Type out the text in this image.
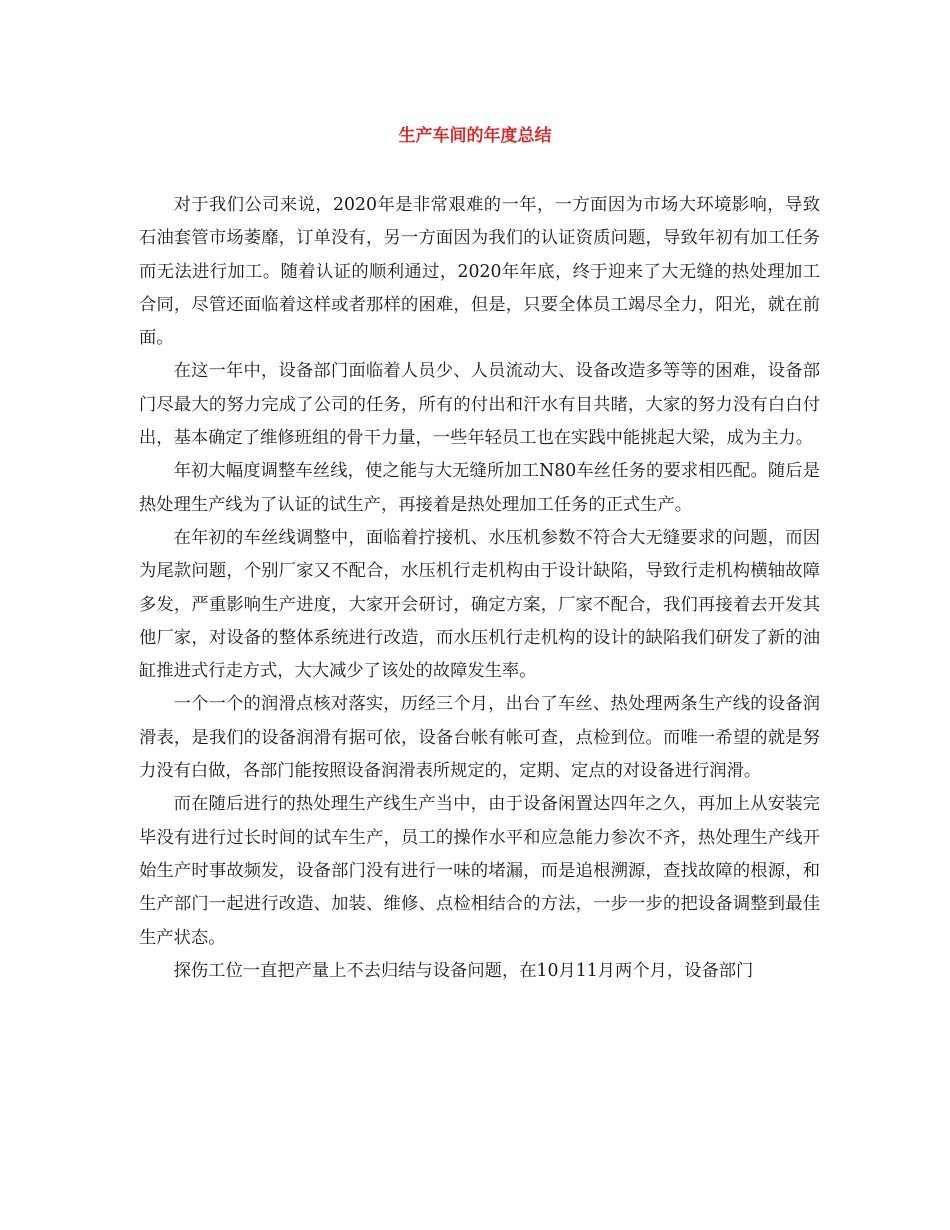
生产车间的年度总结

对于我们公司来说，2020年是非常艰难的一年，一方面因为市场大环境影响，导致石油套管市场萎靡，订单没有，另一方面因为我们的认证资质问题，导致年初有加工任务而无法进行加工。随着认证的顺利通过，2020年年底，终于迎来了大无缝的热处理加工合同，尽管还面临着这样或者那样的困难，但是，只要全体员工竭尽全力，阳光，就在前面。

在这一年中，设备部门面临着人员少、人员流动大、设备改造多等等的困难，设备部门尽最大的努力完成了公司的任务，所有的付出和汗水有目共睹，大家的努力没有白白付出，基本确定了维修班组的骨干力量，一些年轻员工也在实践中能挑起大梁，成为主力。

年初大幅度调整车丝线，使之能与大无缝所加工N80车丝任务的要求相匹配。随后是热处理生产线为了认证的试生产，再接着是热处理加工任务的正式生产。

在年初的车丝线调整中，面临着拧接机、水压机参数不符合大无缝要求的问题，而因为尾款问题，个别厂家又不配合，水压机行走机构由于设计缺陷，导致行走机构横轴故障多发，严重影响生产进度，大家开会研讨，确定方案，厂家不配合，我们再接着去开发其他厂家，对设备的整体系统进行改造，而水压机行走机构的设计的缺陷我们研发了新的油缸推进式行走方式，大大减少了该处的故障发生率。

一个一个的润滑点核对落实，历经三个月，出台了车丝、热处理两条生产线的设备润滑表，是我们的设备润滑有据可依，设备台帐有帐可查，点检到位。而唯一希望的就是努力没有白做，各部门能按照设备润滑表所规定的，定期、定点的对设备进行润滑。

而在随后进行的热处理生产线生产当中，由于设备闲置达四年之久，再加上从安装完毕没有进行过长时间的试车生产，员工的操作水平和应急能力参次不齐，热处理生产线开始生产时事故频发，设备部门没有进行一味的堵漏，而是追根溯源，查找故障的根源，和生产部门一起进行改造、加装、维修、点检相结合的方法，一步一步的把设备调整到最佳生产状态。

探伤工位一直把产量上不去归结与设备问题，在10月11月两个月，设备部门
